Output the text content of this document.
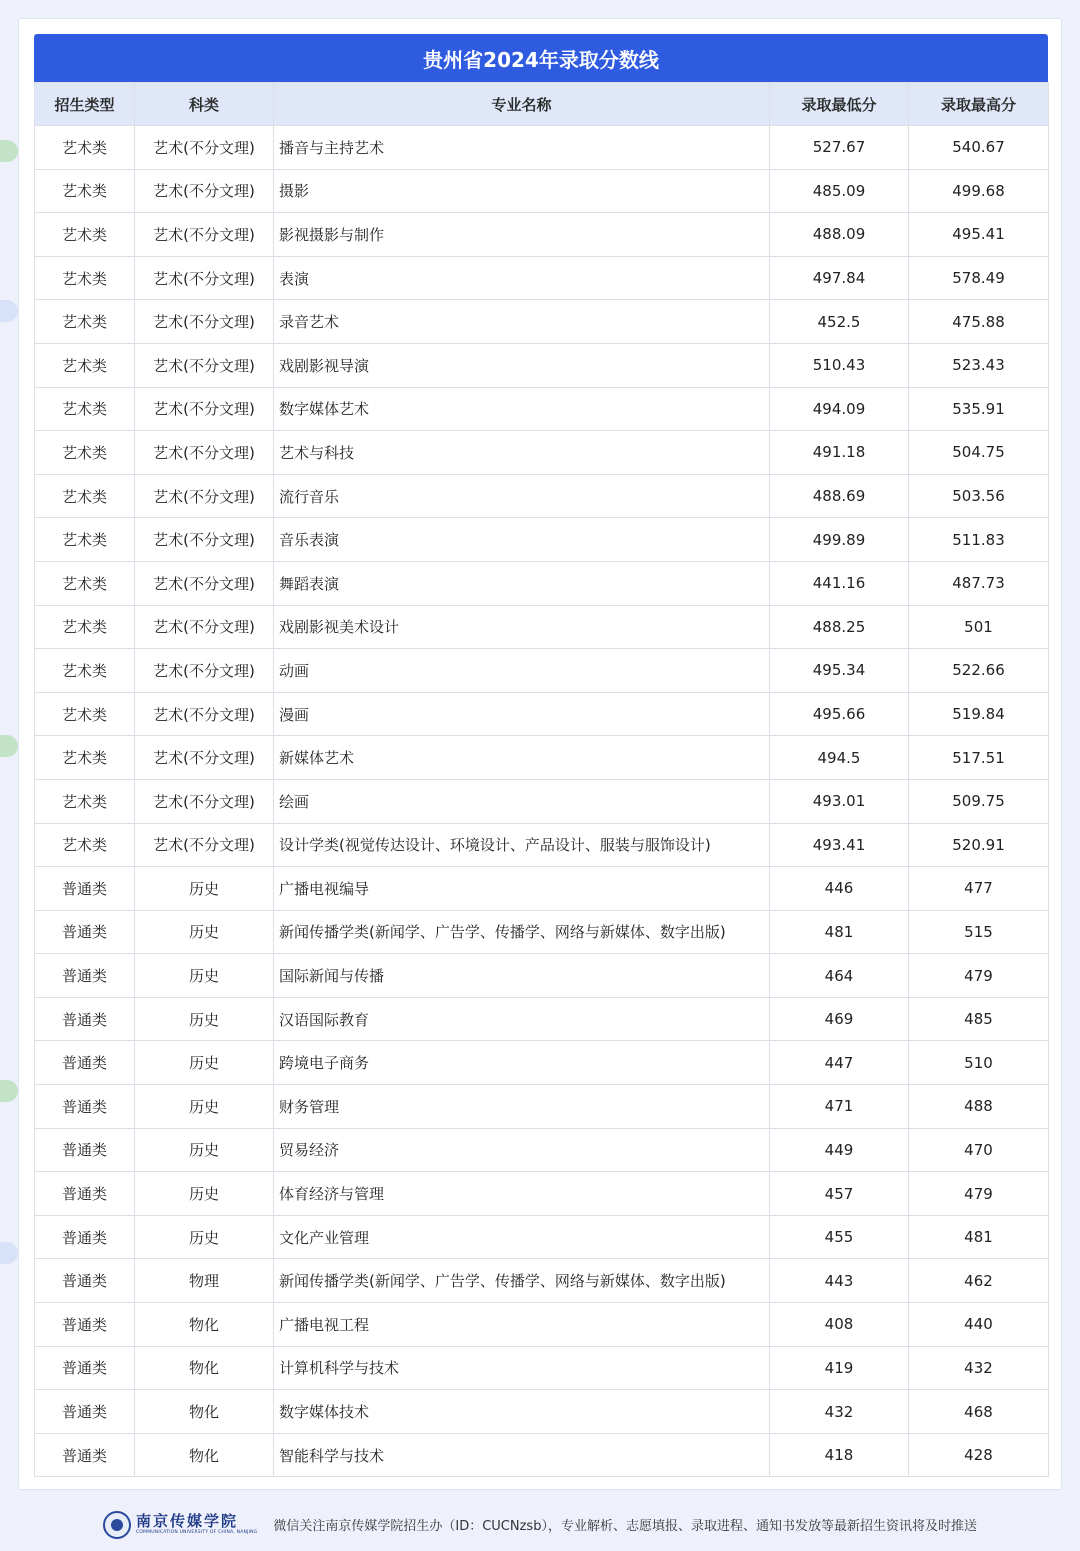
贵州省2024年录取分数线
招生类型	科类	专业名称	录取最低分	录取最高分
艺术类	艺术(不分文理)	播音与主持艺术	527.67	540.67
艺术类	艺术(不分文理)	摄影	485.09	499.68
艺术类	艺术(不分文理)	影视摄影与制作	488.09	495.41
艺术类	艺术(不分文理)	表演	497.84	578.49
艺术类	艺术(不分文理)	录音艺术	452.5	475.88
艺术类	艺术(不分文理)	戏剧影视导演	510.43	523.43
艺术类	艺术(不分文理)	数字媒体艺术	494.09	535.91
艺术类	艺术(不分文理)	艺术与科技	491.18	504.75
艺术类	艺术(不分文理)	流行音乐	488.69	503.56
艺术类	艺术(不分文理)	音乐表演	499.89	511.83
艺术类	艺术(不分文理)	舞蹈表演	441.16	487.73
艺术类	艺术(不分文理)	戏剧影视美术设计	488.25	501
艺术类	艺术(不分文理)	动画	495.34	522.66
艺术类	艺术(不分文理)	漫画	495.66	519.84
艺术类	艺术(不分文理)	新媒体艺术	494.5	517.51
艺术类	艺术(不分文理)	绘画	493.01	509.75
艺术类	艺术(不分文理)	设计学类(视觉传达设计、环境设计、产品设计、服装与服饰设计)	493.41	520.91
普通类	历史	广播电视编导	446	477
普通类	历史	新闻传播学类(新闻学、广告学、传播学、网络与新媒体、数字出版)	481	515
普通类	历史	国际新闻与传播	464	479
普通类	历史	汉语国际教育	469	485
普通类	历史	跨境电子商务	447	510
普通类	历史	财务管理	471	488
普通类	历史	贸易经济	449	470
普通类	历史	体育经济与管理	457	479
普通类	历史	文化产业管理	455	481
普通类	物理	新闻传播学类(新闻学、广告学、传播学、网络与新媒体、数字出版)	443	462
普通类	物化	广播电视工程	408	440
普通类	物化	计算机科学与技术	419	432
普通类	物化	数字媒体技术	432	468
普通类	物化	智能科学与技术	418	428
南京传媒学院
COMMUNICATION UNIVERSITY OF CHINA, NANJING 微信关注南京传媒学院招生办（ID：CUCNzsb），专业解析、志愿填报、录取进程、通知书发放等最新招生资讯将及时推送
